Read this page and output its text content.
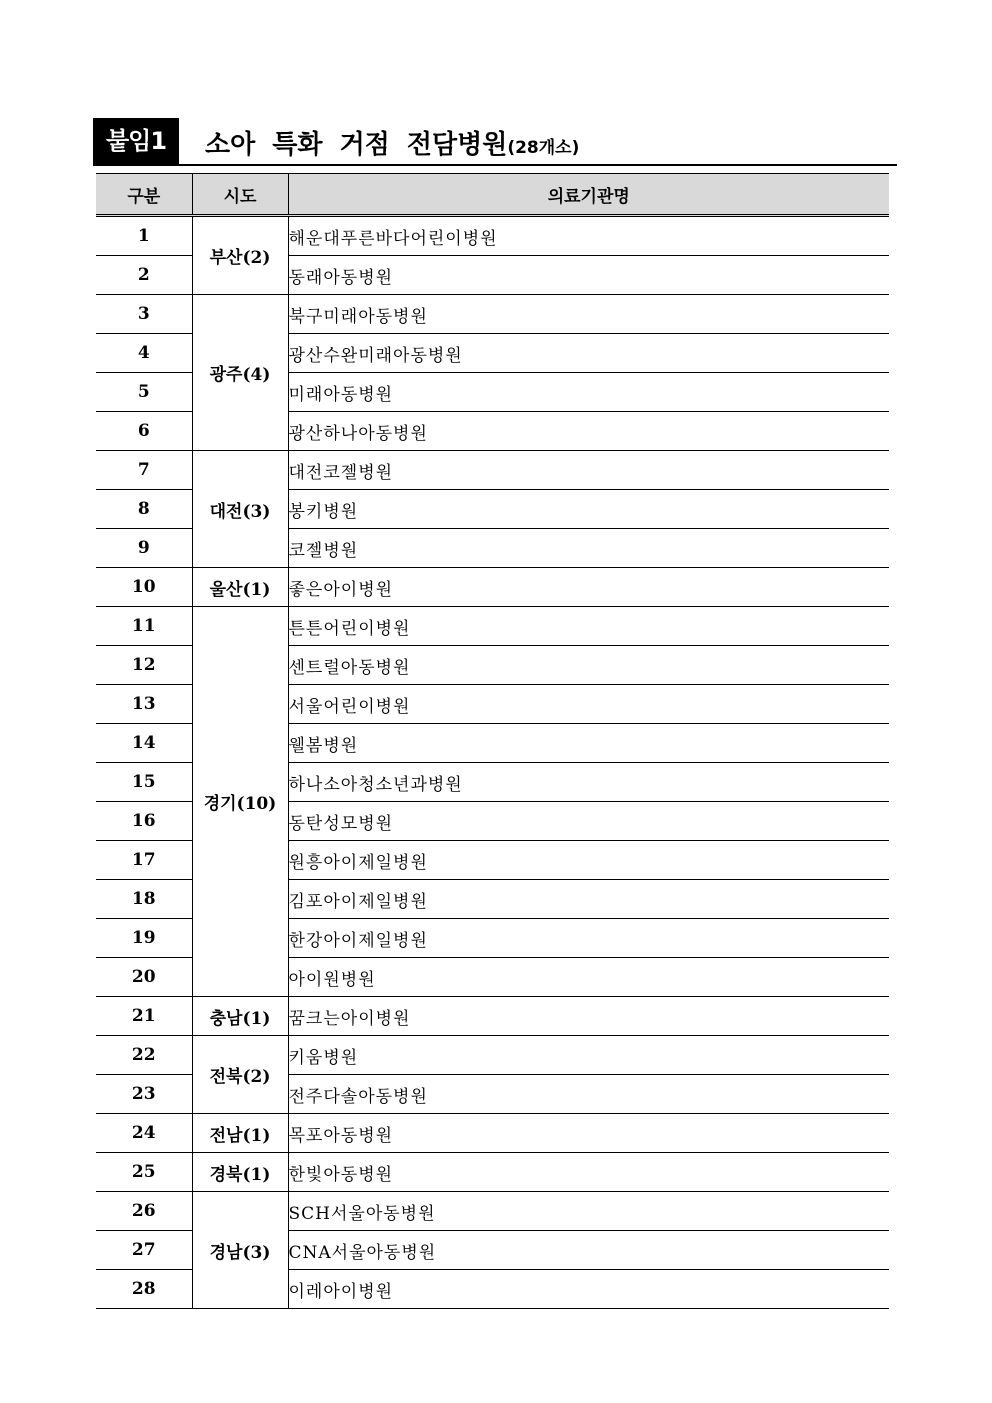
붙임1	소아 특화 거점 전담병원(28개소)
구분	시도	의료기관명
1	부산(2)	해운대푸른바다어린이병원
2		동래아동병원
3	광주(4)	북구미래아동병원
4		광산수완미래아동병원
5		미래아동병원
6		광산하나아동병원
7	대전(3)	대전코젤병원
8		봉키병원
9		코젤병원
10	울산(1)	좋은아이병원
11	경기(10)	튼튼어린이병원
12		센트럴아동병원
13		서울어린이병원
14		웰봄병원
15		하나소아청소년과병원
16		동탄성모병원
17		원흥아이제일병원
18		김포아이제일병원
19		한강아이제일병원
20		아이원병원
21	충남(1)	꿈크는아이병원
22	전북(2)	키움병원
23		전주다솔아동병원
24	전남(1)	목포아동병원
25	경북(1)	한빛아동병원
26	경남(3)	SCH서울아동병원
27		CNA서울아동병원
28		이레아이병원
